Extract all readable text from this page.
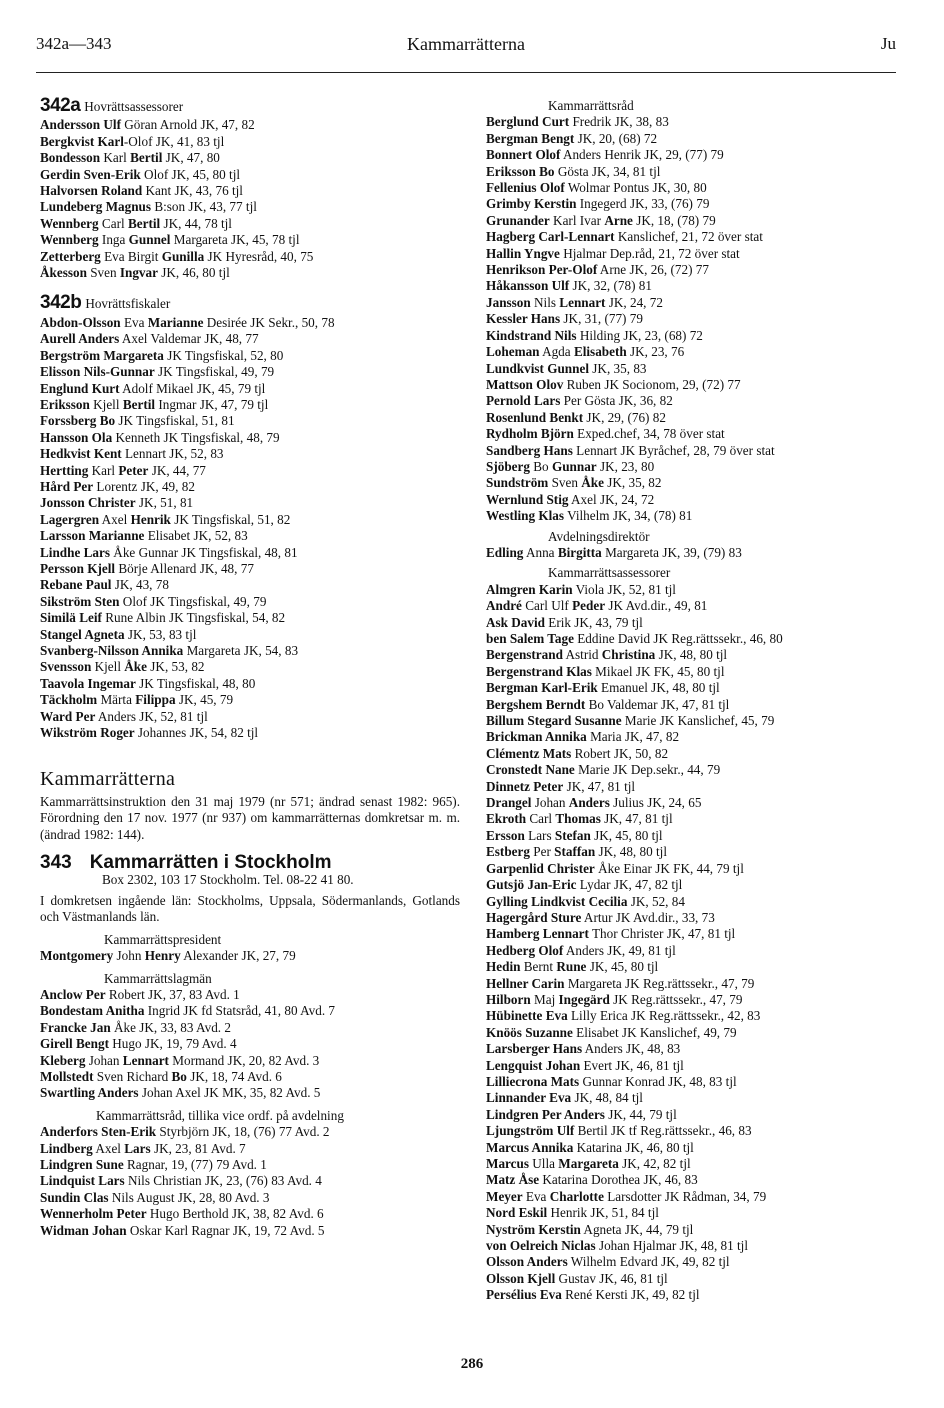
342a—343	Kammarrätterna	Ju
342a Hovrättsassessorer
Andersson Ulf Göran Arnold JK, 47, 82
Bergkvist Karl-Olof JK, 41, 83 tjl
Bondesson Karl Bertil JK, 47, 80
Gerdin Sven-Erik Olof JK, 45, 80 tjl
Halvorsen Roland Kant JK, 43, 76 tjl
Lundeberg Magnus B:son JK, 43, 77 tjl
Wennberg Carl Bertil JK, 44, 78 tjl
Wennberg Inga Gunnel Margareta JK, 45, 78 tjl
Zetterberg Eva Birgit Gunilla JK Hyresråd, 40, 75
Åkesson Sven Ingvar JK, 46, 80 tjl
342b Hovrättsfiskaler
Abdon-Olsson Eva Marianne Desirée JK Sekr., 50, 78
Aurell Anders Axel Valdemar JK, 48, 77
Bergström Margareta JK Tingsfiskal, 52, 80
Elisson Nils-Gunnar JK Tingsfiskal, 49, 79
Englund Kurt Adolf Mikael JK, 45, 79 tjl
Eriksson Kjell Bertil Ingmar JK, 47, 79 tjl
Forssberg Bo JK Tingsfiskal, 51, 81
Hansson Ola Kenneth JK Tingsfiskal, 48, 79
Hedkvist Kent Lennart JK, 52, 83
Hertting Karl Peter JK, 44, 77
Hård Per Lorentz JK, 49, 82
Jonsson Christer JK, 51, 81
Lagergren Axel Henrik JK Tingsfiskal, 51, 82
Larsson Marianne Elisabet JK, 52, 83
Lindhe Lars Åke Gunnar JK Tingsfiskal, 48, 81
Persson Kjell Börje Allenard JK, 48, 77
Rebane Paul JK, 43, 78
Sikström Sten Olof JK Tingsfiskal, 49, 79
Similä Leif Rune Albin JK Tingsfiskal, 54, 82
Stangel Agneta JK, 53, 83 tjl
Svanberg-Nilsson Annika Margareta JK, 54, 83
Svensson Kjell Åke JK, 53, 82
Taavola Ingemar JK Tingsfiskal, 48, 80
Täckholm Märta Filippa JK, 45, 79
Ward Per Anders JK, 52, 81 tjl
Wikström Roger Johannes JK, 54, 82 tjl
Kammarrätterna
Kammarrättsinstruktion den 31 maj 1979 (nr 571; ändrad senast 1982: 965). Förordning den 17 nov. 1977 (nr 937) om kammarrätternas domkretsar m. m. (ändrad 1982: 144).
343 Kammarrätten i Stockholm
Box 2302, 103 17 Stockholm. Tel. 08-22 41 80.
I domkretsen ingående län: Stockholms, Uppsala, Södermanlands, Gotlands och Västmanlands län.
Kammarrättspresident
Montgomery John Henry Alexander JK, 27, 79
Kammarrättslagmän
Anclow Per Robert JK, 37, 83 Avd. 1
Bondestam Anitha Ingrid JK fd Statsråd, 41, 80 Avd. 7
Francke Jan Åke JK, 33, 83 Avd. 2
Girell Bengt Hugo JK, 19, 79 Avd. 4
Kleberg Johan Lennart Mormand JK, 20, 82 Avd. 3
Mollstedt Sven Richard Bo JK, 18, 74 Avd. 6
Swartling Anders Johan Axel JK MK, 35, 82 Avd. 5
Kammarrättsråd, tillika vice ordf. på avdelning
Anderfors Sten-Erik Styrbjörn JK, 18, (76) 77 Avd. 2
Lindberg Axel Lars JK, 23, 81 Avd. 7
Lindgren Sune Ragnar, 19, (77) 79 Avd. 1
Lindquist Lars Nils Christian JK, 23, (76) 83 Avd. 4
Sundin Clas Nils August JK, 28, 80 Avd. 3
Wennerholm Peter Hugo Berthold JK, 38, 82 Avd. 6
Widman Johan Oskar Karl Ragnar JK, 19, 72 Avd. 5
Kammarrättsråd
Berglund Curt Fredrik JK, 38, 83
Bergman Bengt JK, 20, (68) 72
Bonnert Olof Anders Henrik JK, 29, (77) 79
Eriksson Bo Gösta JK, 34, 81 tjl
Fellenius Olof Wolmar Pontus JK, 30, 80
Grimby Kerstin Ingegerd JK, 33, (76) 79
Grunander Karl Ivar Arne JK, 18, (78) 79
Hagberg Carl-Lennart Kanslichef, 21, 72 över stat
Hallin Yngve Hjalmar Dep.råd, 21, 72 över stat
Henrikson Per-Olof Arne JK, 26, (72) 77
Håkansson Ulf JK, 32, (78) 81
Jansson Nils Lennart JK, 24, 72
Kessler Hans JK, 31, (77) 79
Kindstrand Nils Hilding JK, 23, (68) 72
Loheman Agda Elisabeth JK, 23, 76
Lundkvist Gunnel JK, 35, 83
Mattson Olov Ruben JK Socionom, 29, (72) 77
Pernold Lars Per Gösta JK, 36, 82
Rosenlund Benkt JK, 29, (76) 82
Rydholm Björn Exped.chef, 34, 78 över stat
Sandberg Hans Lennart JK Byråchef, 28, 79 över stat
Sjöberg Bo Gunnar JK, 23, 80
Sundström Sven Åke JK, 35, 82
Wernlund Stig Axel JK, 24, 72
Westling Klas Vilhelm JK, 34, (78) 81
Avdelningsdirektör
Edling Anna Birgitta Margareta JK, 39, (79) 83
Kammarrättsassessorer
Almgren Karin Viola JK, 52, 81 tjl
André Carl Ulf Peder JK Avd.dir., 49, 81
Ask David Erik JK, 43, 79 tjl
ben Salem Tage Eddine David JK Reg.rättssekr., 46, 80
Bergenstrand Astrid Christina JK, 48, 80 tjl
Bergenstrand Klas Mikael JK FK, 45, 80 tjl
Bergman Karl-Erik Emanuel JK, 48, 80 tjl
Bergshem Berndt Bo Valdemar JK, 47, 81 tjl
Billum Stegard Susanne Marie JK Kanslichef, 45, 79
Brickman Annika Maria JK, 47, 82
Clémentz Mats Robert JK, 50, 82
Cronstedt Nane Marie JK Dep.sekr., 44, 79
Dinnetz Peter JK, 47, 81 tjl
Drangel Johan Anders Julius JK, 24, 65
Ekroth Carl Thomas JK, 47, 81 tjl
Ersson Lars Stefan JK, 45, 80 tjl
Estberg Per Staffan JK, 48, 80 tjl
Garpenlid Christer Åke Einar JK FK, 44, 79 tjl
Gutsjö Jan-Eric Lydar JK, 47, 82 tjl
Gylling Lindkvist Cecilia JK, 52, 84
Hagergård Sture Artur JK Avd.dir., 33, 73
Hamberg Lennart Thor Christer JK, 47, 81 tjl
Hedberg Olof Anders JK, 49, 81 tjl
Hedin Bernt Rune JK, 45, 80 tjl
Hellner Carin Margareta JK Reg.rättssekr., 47, 79
Hilborn Maj Ingegärd JK Reg.rättssekr., 47, 79
Hübinette Eva Lilly Erica JK Reg.rättssekr., 42, 83
Knöös Suzanne Elisabet JK Kanslichef, 49, 79
Larsberger Hans Anders JK, 48, 83
Lengquist Johan Evert JK, 46, 81 tjl
Lilliecrona Mats Gunnar Konrad JK, 48, 83 tjl
Linnander Eva JK, 48, 84 tjl
Lindgren Per Anders JK, 44, 79 tjl
Ljungström Ulf Bertil JK tf Reg.rättssekr., 46, 83
Marcus Annika Katarina JK, 46, 80 tjl
Marcus Ulla Margareta JK, 42, 82 tjl
Matz Åse Katarina Dorothea JK, 46, 83
Meyer Eva Charlotte Larsdotter JK Rådman, 34, 79
Nord Eskil Henrik JK, 51, 84 tjl
Nyström Kerstin Agneta JK, 44, 79 tjl
von Oelreich Niclas Johan Hjalmar JK, 48, 81 tjl
Olsson Anders Wilhelm Edvard JK, 49, 82 tjl
Olsson Kjell Gustav JK, 46, 81 tjl
Persélius Eva René Kersti JK, 49, 82 tjl
286
